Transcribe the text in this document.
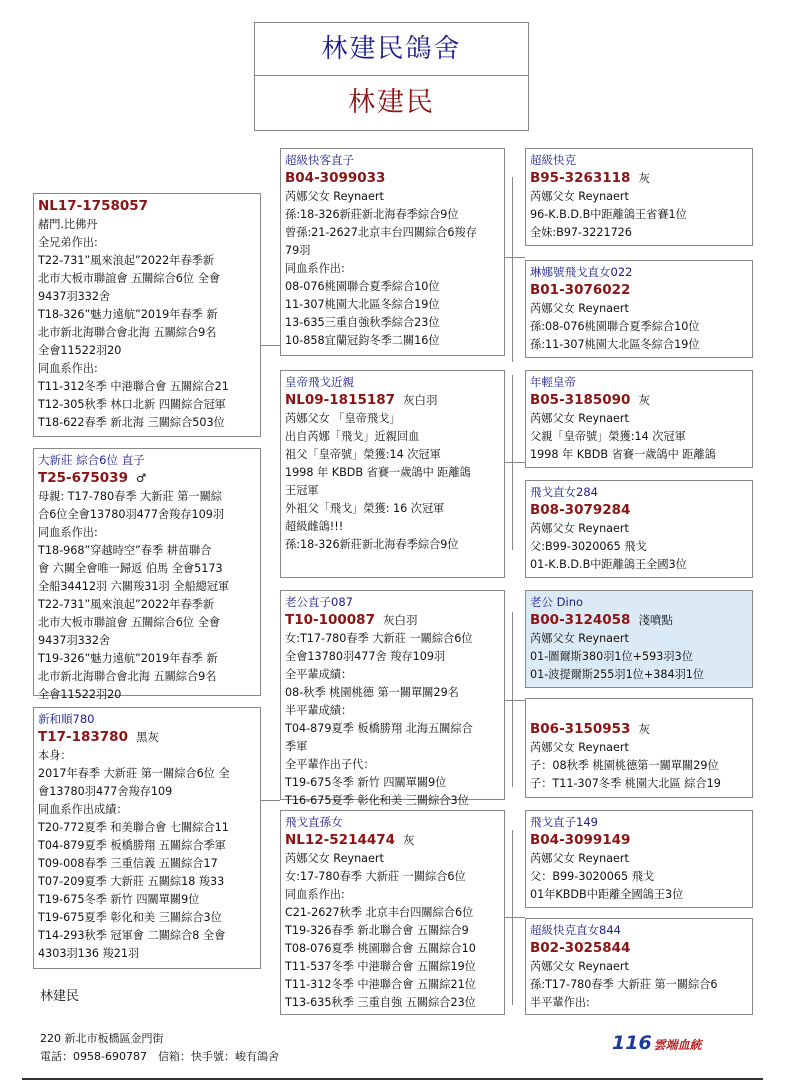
林建民鴿舍
林建民
NL17-1758057
赭門.比佛丹
全兄弟作出:
T22-731”風來浪起”2022年春季新
北市大板市聯誼會 五關綜合6位 全會
9437羽332舍
T18-326”魅力遠航”2019年春季 新
北市新北海聯合會北海 五關綜合9名
全會11522羽20
同血系作出:
T11-312冬季 中港聯合會 五關綜合21
T12-305秋季 林口北新 四關綜合冠軍
T18-622春季 新北海 三關綜合503位
大新莊 綜合6位 直子
T25-675039 ♂
母親: T17-780春季 大新莊 第一關綜
合6位全會13780羽477舍羧存109羽
同血系作出:
T18-968”穿越時空”春季 耕苗聯合
會 六關全會唯一歸返 伯馬 全會5173
全船34412羽 六關羧31羽 全船總冠軍
T22-731”風來浪起”2022年春季新
北市大板市聯誼會 五關綜合6位 全會
9437羽332舍
T19-326”魅力遠航”2019年春季 新
北市新北海聯合會北海 五關綜合9名
全會11522羽20
新和順780
T17-183780 黑灰
本身：
2017年春季 大新莊 第一關綜合6位 全
會13780羽477舍羧存109
同血系作出成績：
T20-772夏季 和美聯合會 七關綜合11
T04-879夏季 板橋勝翔 五關綜合季軍
T09-008春季 三重信義 五關綜合17
T07-209夏季 大新莊 五關綜18 羧33
T19-675冬季 新竹 四關單關9位
T19-675夏季 彰化和美 三關綜合3位
T14-293秋季 冠軍會 二關綜合8 全會
4303羽136 羧21羽
超級快客直子
B04-3099033
芮娜父女 Reynaert
孫:18-326新莊新北海春季綜合9位
曾孫:21-2627北京丰台四關綜合6羧存
79羽
同血系作出:
08-076桃園聯合夏季綜合10位
11-307桃園大北區冬綜合19位
13-635三重自強秋季綜合23位
10-858宜蘭冠鈞冬季二關16位
皇帝飛戈近親
NL09-1815187 灰白羽
芮娜父女 「皇帝飛戈」
出自芮娜「飛戈」近親回血
祖父「皇帝號」榮獲:14 次冠軍
1998 年 KBDB 省賽一歲鴿中 距離鴿
王冠軍
外祖父「飛戈」榮獲: 16 次冠軍
超級雌鴿!!!
孫:18-326新莊新北海春季綜合9位
老公直子087
T10-100087 灰白羽
女:T17-780春季 大新莊 一關綜合6位
全會13780羽477舍 羧存109羽
全平輩成績：
08-秋季 桃園桃德 第一關單關29名
半平輩成績：
T04-879夏季 板橋勝翔 北海五關綜合
季軍
全平輩作出子代：
T19-675冬季 新竹 四關單關9位
T16-675夏季 彰化和美 三關綜合3位
飛戈直孫女
NL12-5214474 灰
芮娜父女 Reynaert
女:17-780春季 大新莊 一關綜合6位
同血系作出:
C21-2627秋季 北京丰台四關綜合6位
T19-326春季 新北聯合會 五關綜合9
T08-076夏季 桃園聯合會 五關綜合10
T11-537冬季 中港聯合會 五關綜19位
T11-312冬季 中港聯合會 五關綜21位
T13-635秋季 三重自強 五關綜合23位
超級快克
B95-3263118 灰
芮娜父女 Reynaert
96-K.B.D.B中距離鴿王省賽1位
全妹:B97-3221726
琳娜號飛戈直女022
B01-3076022
芮娜父女 Reynaert
孫:08-076桃園聯合夏季綜合10位
孫:11-307桃園大北區冬綜合19位
年輕皇帝
B05-3185090 灰
芮娜父女 Reynaert
父親「皇帝號」榮獲:14 次冠軍
1998 年 KBDB 省賽一歲鴿中 距離鴿
飛戈直女284
B08-3079284
芮娜父女 Reynaert
父:B99-3020065 飛戈
01-K.B.D.B中距離鴿王全國3位
老公 Dino
B00-3124058 淺噴點
芮娜父女 Reynaert
01-圖爾斯380羽1位+593羽3位
01-波提爾斯255羽1位+384羽1位
B06-3150953 灰
芮娜父女 Reynaert
子：08秋季 桃園桃德第一關單關29位
子：T11-307冬季 桃園大北區 綜合19
飛戈直子149
B04-3099149
芮娜父女 Reynaert
父：B99-3020065 飛戈
01年KBDB中距離全國鴿王3位
超級快克直女844
B02-3025844
芮娜父女 Reynaert
孫:T17-780春季 大新莊 第一關綜合6
半平輩作出:
林建民
220 新北市板橋區金門街
電話：0958-690787　信箱：快手號：峻有鴿舍
116 雲端血統
